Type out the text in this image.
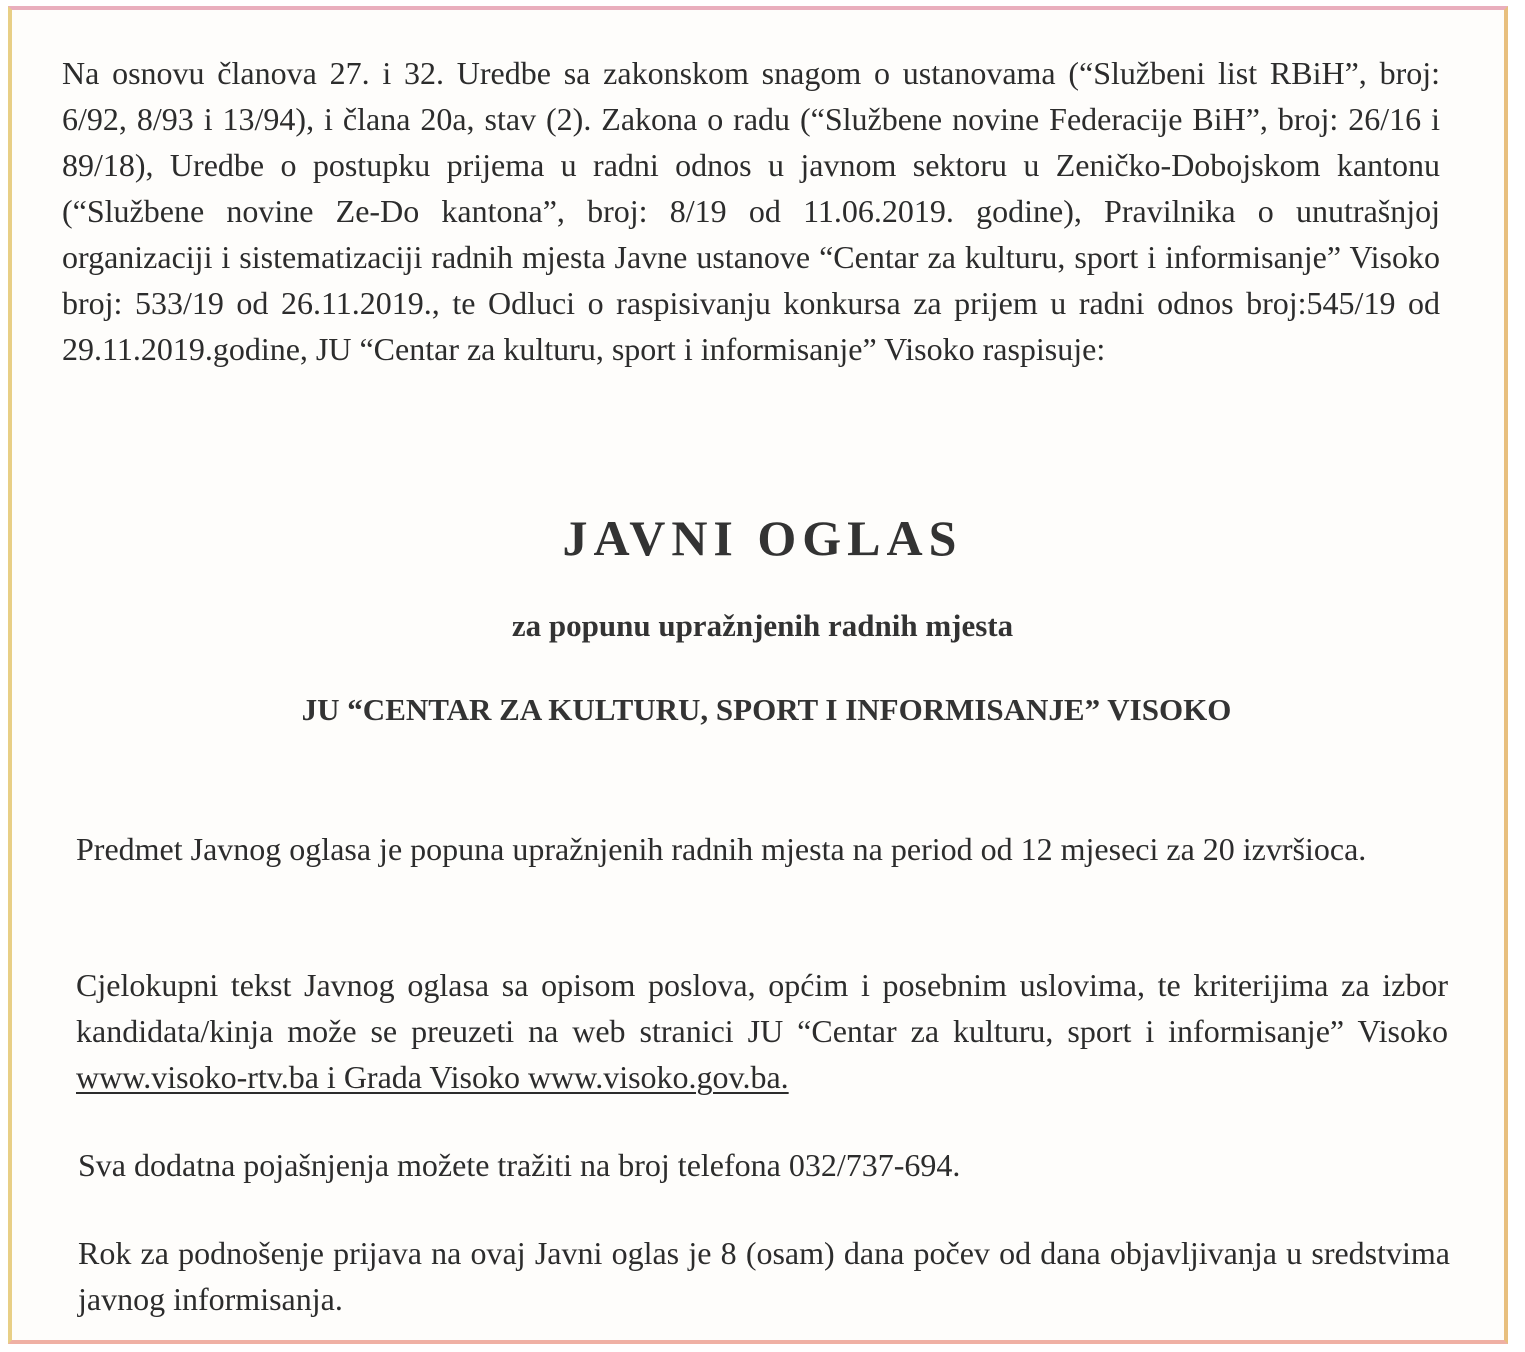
Na osnovu članova 27. i 32. Uredbe sa zakonskom snagom o ustanovama (“Službeni list RBiH”, broj: 6/92, 8/93 i 13/94), i člana 20a, stav (2). Zakona o radu (“Službene novine Federacije BiH”, broj: 26/16 i 89/18), Uredbe o postupku prijema u radni odnos u javnom sektoru u Zeničko-Dobojskom kantonu (“Službene novine Ze-Do kantona”, broj: 8/19 od 11.06.2019. godine), Pravilnika o unutrašnjoj organizaciji i sistematizaciji radnih mjesta Javne ustanove “Centar za kulturu, sport i informisanje” Visoko broj: 533/19 od 26.11.2019., te Odluci o raspisivanju konkursa za prijem u radni odnos broj:545/19 od 29.11.2019.godine, JU “Centar za kulturu, sport i informisanje” Visoko raspisuje:

JAVNI OGLAS
za popunu upražnjenih radnih mjesta
JU “CENTAR ZA KULTURU, SPORT I INFORMISANJE” VISOKO

Predmet Javnog oglasa je popuna upražnjenih radnih mjesta na period od 12 mjeseci za 20 izvršioca.

Cjelokupni tekst Javnog oglasa sa opisom poslova, općim i posebnim uslovima, te kriterijima za izbor kandidata/kinja može se preuzeti na web stranici JU “Centar za kulturu, sport i informisanje” Visoko www.visoko-rtv.ba i Grada Visoko www.visoko.gov.ba.

Sva dodatna pojašnjenja možete tražiti na broj telefona 032/737-694.

Rok za podnošenje prijava na ovaj Javni oglas je 8 (osam) dana počev od dana objavljivanja u sredstvima javnog informisanja.
